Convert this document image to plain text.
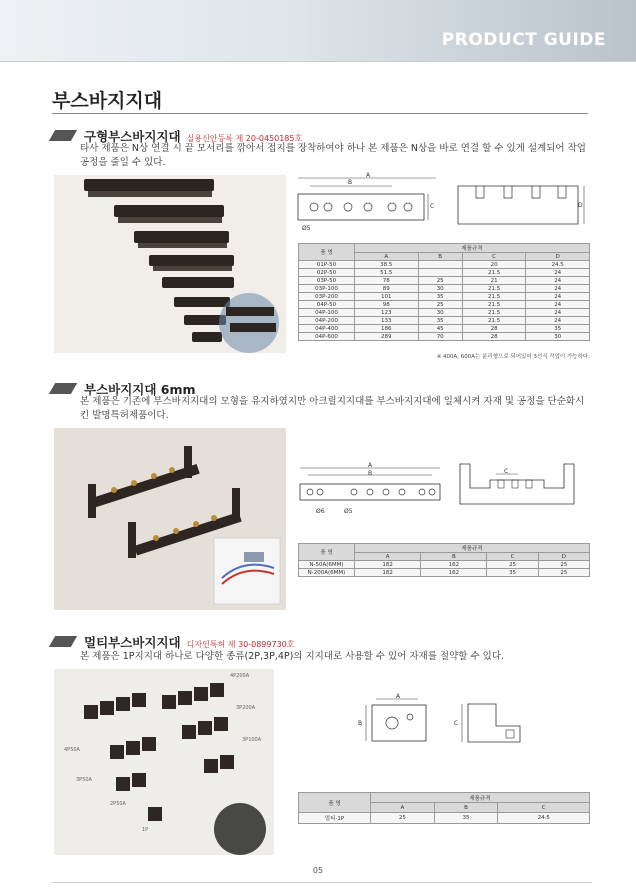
PRODUCT GUIDE
부스바지지대
구형부스바지지대 실용신안등록 제 20-0450185호
타사 제품은 N상 연결 시 끝 모서리를 깎아서 접지를 장착하여야 하나 본 제품은 N상을 바로 연결 할 수 있게 설계되어 작업 공정을 줄일 수 있다.
A
B
C
Ø5
D
품 명	제품규격			
	A	B	C	D
01P-50	38.5		20	24.5
02P-50	51.5		21.5	24
03P-50	78	25	21	24
03P-100	89	30	21.5	24
03P-200	101	35	21.5	24
04P-50	98	25	21.5	24
04P-100	123	30	21.5	24
04P-200	133	35	21.5	24
04P-400	186	45	28	35
04P-600	289	70	28	30
※ 400A, 600A는 분리형으로 되어있어 3선식 작업이 가능하다.
부스바지지대 6mm
본 제품은 기존에 부스바지지대의 모형을 유지하였지만 아크릴지지대를 부스바지지대에 일체시켜 자재 및 공정을 단순화시킨 발명특허제품이다.
A
B
Ø6	Ø5
C
품 명	제품규격			
	A	B	C	D
N-50A(6MM)	182	162	25	25
N-200A(6MM)	182	162	35	25
멀티부스바지지대 디자인특허 제 30-0899730호
본 제품은 1P지지대 하나로 다양한 종류(2P,3P,4P)의 지지대로 사용할 수 있어 자재를 절약할 수 있다.
4P200A
3P200A
3P100A
4P50A
3P50A
2P50A
1P
A
B	C
품 명	제품규격		
	A	B	C
멀티-1P	25	35	24.5
05
